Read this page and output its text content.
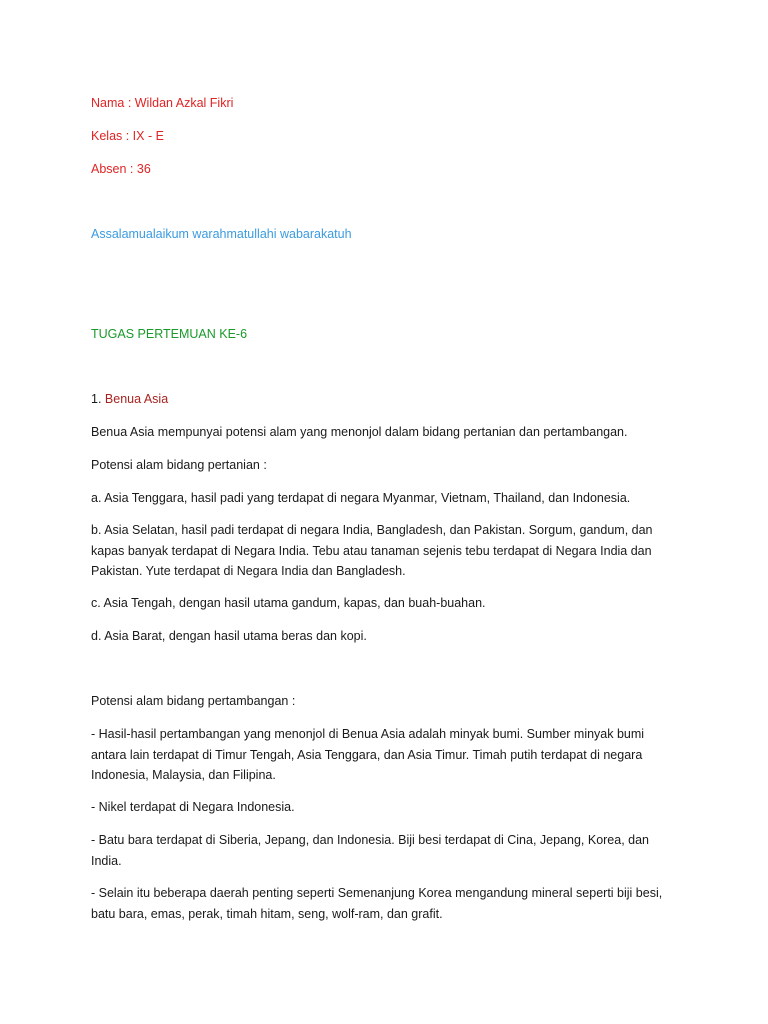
Nama : Wildan Azkal Fikri
Kelas : IX - E
Absen : 36
Assalamualaikum warahmatullahi wabarakatuh
TUGAS PERTEMUAN KE-6
1. Benua Asia
Benua Asia mempunyai potensi alam yang menonjol dalam bidang pertanian dan pertambangan.
Potensi alam bidang pertanian :
a. Asia Tenggara, hasil padi yang terdapat di negara Myanmar, Vietnam, Thailand, dan Indonesia.
b. Asia Selatan, hasil padi terdapat di negara India, Bangladesh, dan Pakistan. Sorgum, gandum, dan kapas banyak terdapat di Negara India. Tebu atau tanaman sejenis tebu terdapat di Negara India dan Pakistan. Yute terdapat di Negara India dan Bangladesh.
c. Asia Tengah, dengan hasil utama gandum, kapas, dan buah-buahan.
d. Asia Barat, dengan hasil utama beras dan kopi.
Potensi alam bidang pertambangan :
- Hasil-hasil pertambangan yang menonjol di Benua Asia adalah minyak bumi. Sumber minyak bumi antara lain terdapat di Timur Tengah, Asia Tenggara, dan Asia Timur. Timah putih terdapat di negara Indonesia, Malaysia, dan Filipina.
- Nikel terdapat di Negara Indonesia.
- Batu bara terdapat di Siberia, Jepang, dan Indonesia. Biji besi terdapat di Cina, Jepang, Korea, dan India.
- Selain itu beberapa daerah penting seperti Semenanjung Korea mengandung mineral seperti biji besi, batu bara, emas, perak, timah hitam, seng, wolf-ram, dan grafit.
